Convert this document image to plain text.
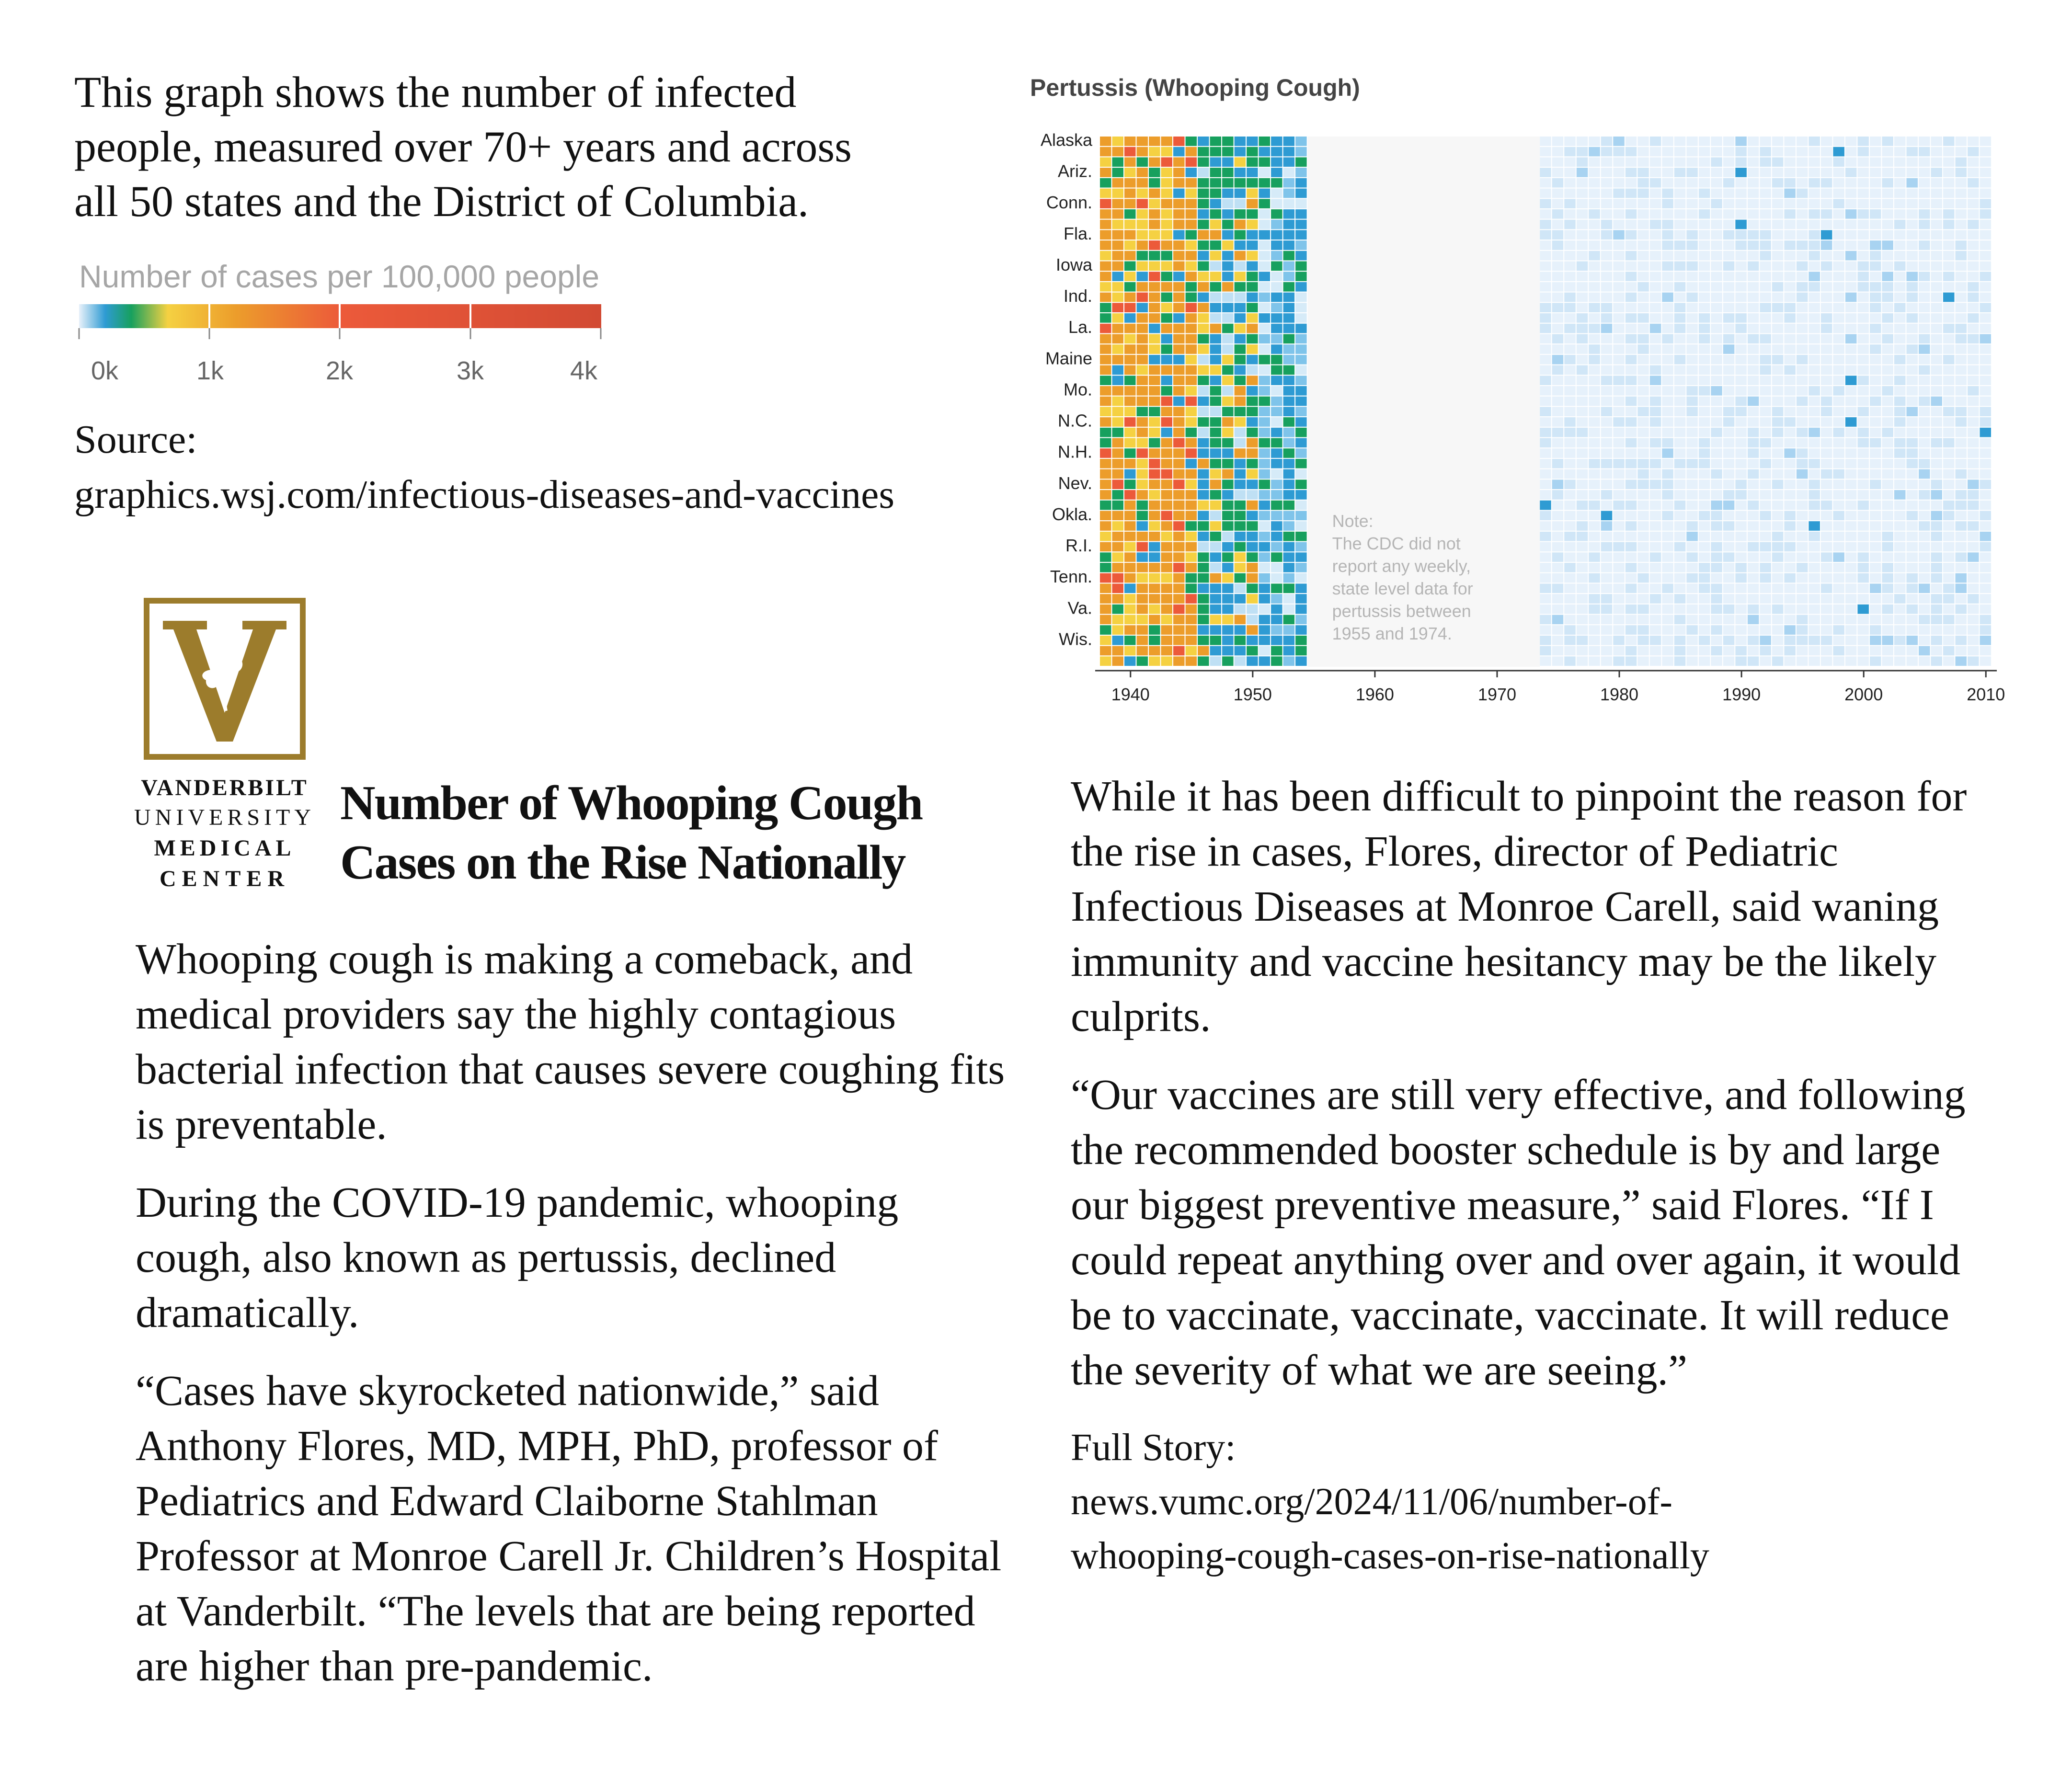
This graph shows the number of infected
people, measured over 70+ years and across
all 50 states and the District of Columbia.
Number of cases per 100,000 people
0k	1k	2k	3k	4k
Source:
graphics.wsj.com/infectious-diseases-and-vaccines
VANDERBILT
UNIVERSITY
MEDICAL
CENTER
Number of Whooping Cough
Cases on the Rise Nationally

Whooping cough is making a comeback, and medical providers say the highly contagious bacterial infection that causes severe coughing fits is preventable.

During the COVID-19 pandemic, whooping cough, also known as pertussis, declined dramatically.

“Cases have skyrocketed nationwide,” said Anthony Flores, MD, MPH, PhD, professor of Pediatrics and Edward Claiborne Stahlman Professor at Monroe Carell Jr. Children’s Hospital at Vanderbilt. “The levels that are being reported are higher than pre-pandemic.

While it has been difficult to pinpoint the reason for the rise in cases, Flores, director of Pediatric Infectious Diseases at Monroe Carell, said waning immunity and vaccine hesitancy may be the likely culprits.

“Our vaccines are still very effective, and following the recommended booster schedule is by and large our biggest preventive measure,” said Flores. “If I could repeat anything over and over again, it would be to vaccinate, vaccinate, vaccinate. It will reduce the severity of what we are seeing.”

Full Story:
news.vumc.org/2024/11/06/number-of-
whooping-cough-cases-on-rise-nationally
Pertussis (Whooping Cough)
Alaska
Ariz.
Conn.
Fla.
Iowa
Ind.
La.
Maine
Mo.
N.C.
N.H.
Nev.
Okla.
R.I.
Tenn.
Va.
Wis.
1940	1950	1960	1970	1980	1990	2000	2010
Note:
The CDC did not
report any weekly,
state level data for
pertussis between
1955 and 1974.
